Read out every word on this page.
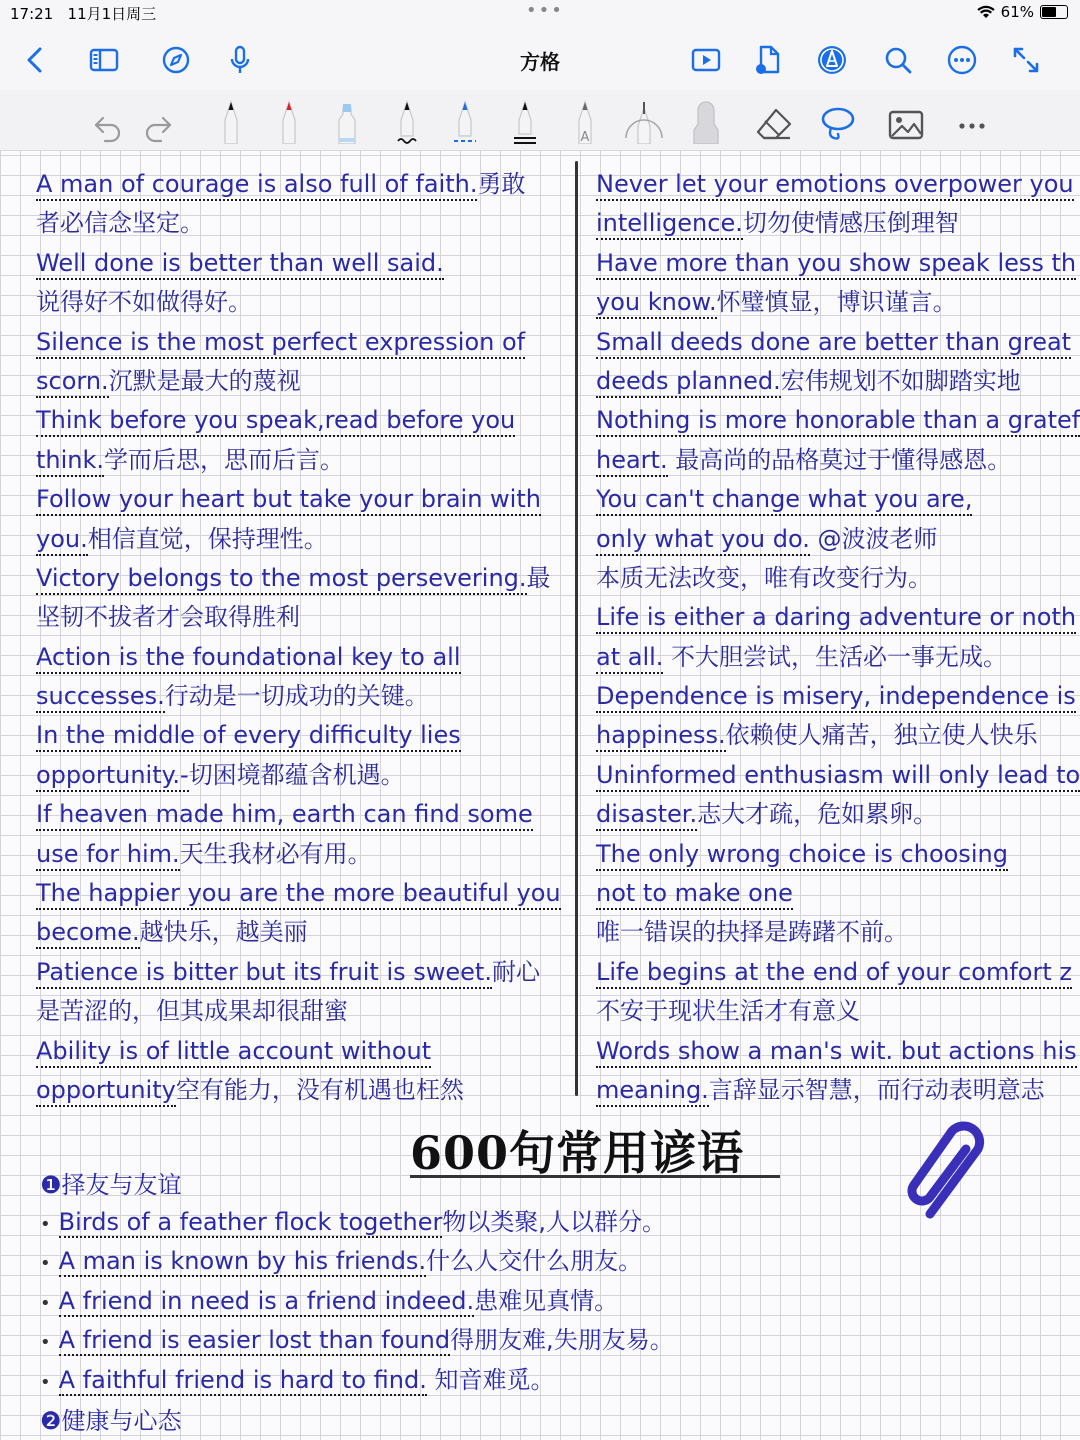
17:21 11月1日周三	•••	61%
方格
A
A man of courage is also full of faith.勇敢
者必信念坚定。
Well done is better than well said.
说得好不如做得好。
Silence is the most perfect expression of
scorn.沉默是最大的蔑视
Think before you speak,read before you
think.学而后思，思而后言。
Follow your heart but take your brain with
you.相信直觉，保持理性。
Victory belongs to the most persevering.最
坚韧不拔者才会取得胜利
Action is the foundational key to all
successes.行动是一切成功的关键。
In the middle of every difficulty lies
opportunity.-切困境都蕴含机遇。
If heaven made him, earth can find some
use for him.天生我材必有用。
The happier you are the more beautiful you
become.越快乐，越美丽
Patience is bitter but its fruit is sweet.耐心
是苦涩的，但其成果却很甜蜜
Ability is of little account without
opportunity空有能力，没有机遇也枉然
Never let your emotions overpower you
intelligence.切勿使情感压倒理智
Have more than you show speak less th
you know.怀璧慎显，博识谨言。
Small deeds done are better than great
deeds planned.宏伟规划不如脚踏实地
Nothing is more honorable than a gratef
heart. 最高尚的品格莫过于懂得感恩。
You can't change what you are,
only what you do. @波波老师
本质无法改变，唯有改变行为。
Life is either a daring adventure or noth
at all. 不大胆尝试，生活必一事无成。
Dependence is misery, independence is
happiness.依赖使人痛苦，独立使人快乐
Uninformed enthusiasm will only lead to
disaster.志大才疏，危如累卵。
The only wrong choice is choosing
not to make one
唯一错误的抉择是踌躇不前。
Life begins at the end of your comfort z
不安于现状生活才有意义
Words show a man's wit. but actions his
meaning.言辞显示智慧，而行动表明意志
600句常用谚语
❶择友与友谊
• Birds of a feather flock together物以类聚,人以群分。
• A man is known by his friends.什么人交什么朋友。
• A friend in need is a friend indeed.患难见真情。
• A friend is easier lost than found得朋友难,失朋友易。
• A faithful friend is hard to find. 知音难觅。
❷健康与心态
